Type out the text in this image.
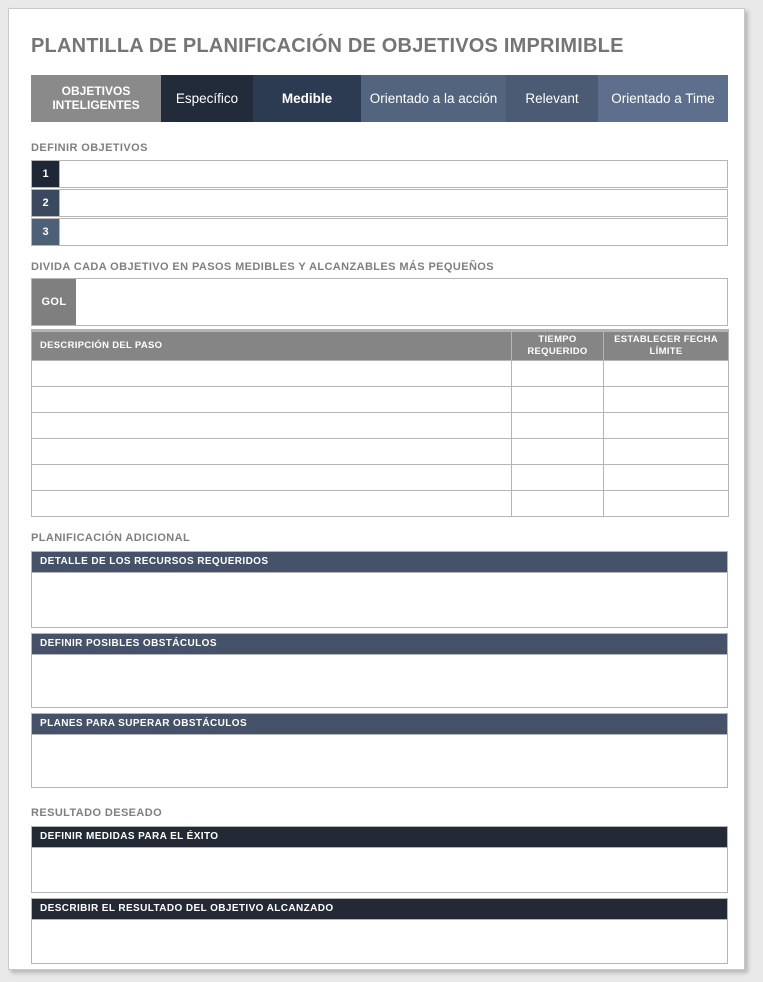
PLANTILLA DE PLANIFICACIÓN DE OBJETIVOS IMPRIMIBLE
OBJETIVOS INTELIGENTES	Específico	Medible	Orientado a la acción	Relevant	Orientado a Time
DEFINIR OBJETIVOS
1
2
3
DIVIDA CADA OBJETIVO EN PASOS MEDIBLES Y ALCANZABLES MÁS PEQUEÑOS
GOL
DESCRIPCIÓN DEL PASO	TIEMPO REQUERIDO	ESTABLECER FECHA LÍMITE

PLANIFICACIÓN ADICIONAL
DETALLE DE LOS RECURSOS REQUERIDOS
DEFINIR POSIBLES OBSTÁCULOS
PLANES PARA SUPERAR OBSTÁCULOS
RESULTADO DESEADO
DEFINIR MEDIDAS PARA EL ÉXITO
DESCRIBIR EL RESULTADO DEL OBJETIVO ALCANZADO
